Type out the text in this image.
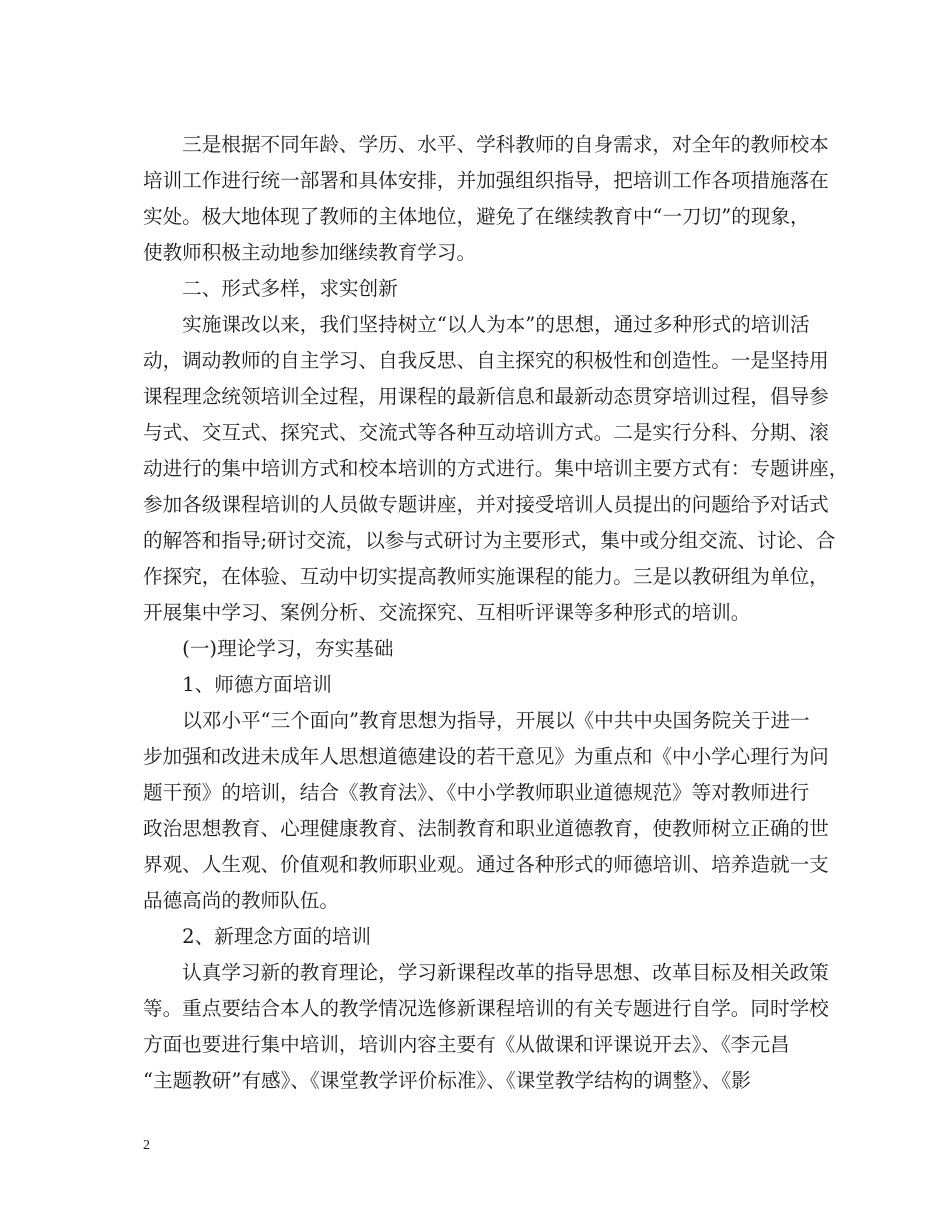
　　三是根据不同年龄、学历、水平、学科教师的自身需求，对全年的教师校本
培训工作进行统一部署和具体安排，并加强组织指导，把培训工作各项措施落在
实处。极大地体现了教师的主体地位，避免了在继续教育中“一刀切”的现象，
使教师积极主动地参加继续教育学习。
　　二、形式多样，求实创新
　　实施课改以来，我们坚持树立“以人为本”的思想，通过多种形式的培训活
动，调动教师的自主学习、自我反思、自主探究的积极性和创造性。一是坚持用
课程理念统领培训全过程，用课程的最新信息和最新动态贯穿培训过程，倡导参
与式、交互式、探究式、交流式等各种互动培训方式。二是实行分科、分期、滚
动进行的集中培训方式和校本培训的方式进行。集中培训主要方式有：专题讲座，
参加各级课程培训的人员做专题讲座，并对接受培训人员提出的问题给予对话式
的解答和指导;研讨交流，以参与式研讨为主要形式，集中或分组交流、讨论、合
作探究，在体验、互动中切实提高教师实施课程的能力。三是以教研组为单位，
开展集中学习、案例分析、交流探究、互相听评课等多种形式的培训。
　　(一)理论学习，夯实基础
　　1、师德方面培训
　　以邓小平“三个面向”教育思想为指导，开展以《中共中央国务院关于进一
步加强和改进未成年人思想道德建设的若干意见》为重点和《中小学心理行为问
题干预》的培训，结合《教育法》、《中小学教师职业道德规范》等对教师进行
政治思想教育、心理健康教育、法制教育和职业道德教育，使教师树立正确的世
界观、人生观、价值观和教师职业观。通过各种形式的师德培训、培养造就一支
品德高尚的教师队伍。
　　2、新理念方面的培训
　　认真学习新的教育理论，学习新课程改革的指导思想、改革目标及相关政策
等。重点要结合本人的教学情况选修新课程培训的有关专题进行自学。同时学校
方面也要进行集中培训，培训内容主要有《从做课和评课说开去》、《李元昌
“主题教研”有感》、《课堂教学评价标准》、《课堂教学结构的调整》、《影
2
